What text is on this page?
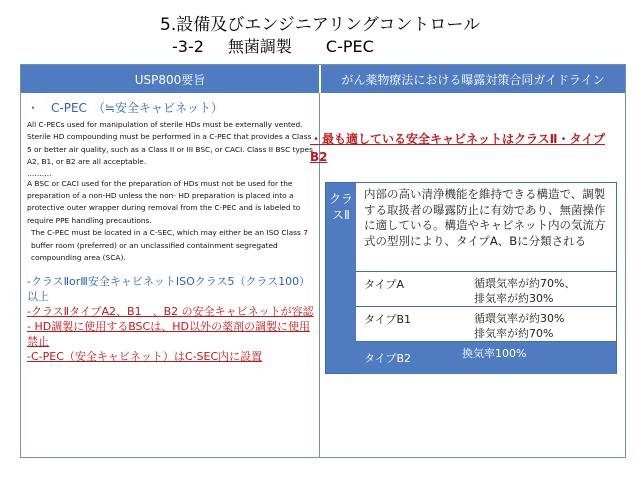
5.設備及びエンジニアリングコントロール
-3-2 無菌調製 C-PEC
USP800要旨	がん薬物療法における曝露対策合同ガイドライン
・　C-PEC　（≒安全キャビネット）
All C-PECs used for manipulation of sterile HDs must be externally vented. Sterile HD compounding must be performed in a C-PEC that provides a Class 5 or better air quality, such as a Class II or III BSC, or CACI. Class II BSC types A2, B1, or B2 are all acceptable.
……….
A BSC or CACI used for the preparation of HDs must not be used for the preparation of a non-HD unless the non- HD preparation is placed into a protective outer wrapper during removal from the C-PEC and is labeled to require PPE handling precautions.
The C-PEC must be located in a C-SEC, which may either be an ISO Class 7 buffer room (preferred) or an unclassified containment segregated compounding area (SCA).
-クラスⅡorⅢ安全キャビネットISOクラス5（クラス100）以上
-クラスⅡタイプA2、B1　、B2 の安全キャビネットが容認
- HD調製に使用するBSCは、HD以外の薬剤の調製に使用禁止
-C-PEC（安全キャビネット）はC-SEC内に設置
・最も適している安全キャビネットはクラスⅡ・タイプB2
クラスⅡ
内部の高い清浄機能を維持できる構造で、調製する取扱者の曝露防止に有効であり、無菌操作に適している。構造やキャビネット内の気流方式の型別により、タイプA、Bに分類される
タイプA	循環気率が約70%、
排気率が約30%
タイプB1	循環気率が約30%
排気率が約70%
タイプB2	換気率100%
